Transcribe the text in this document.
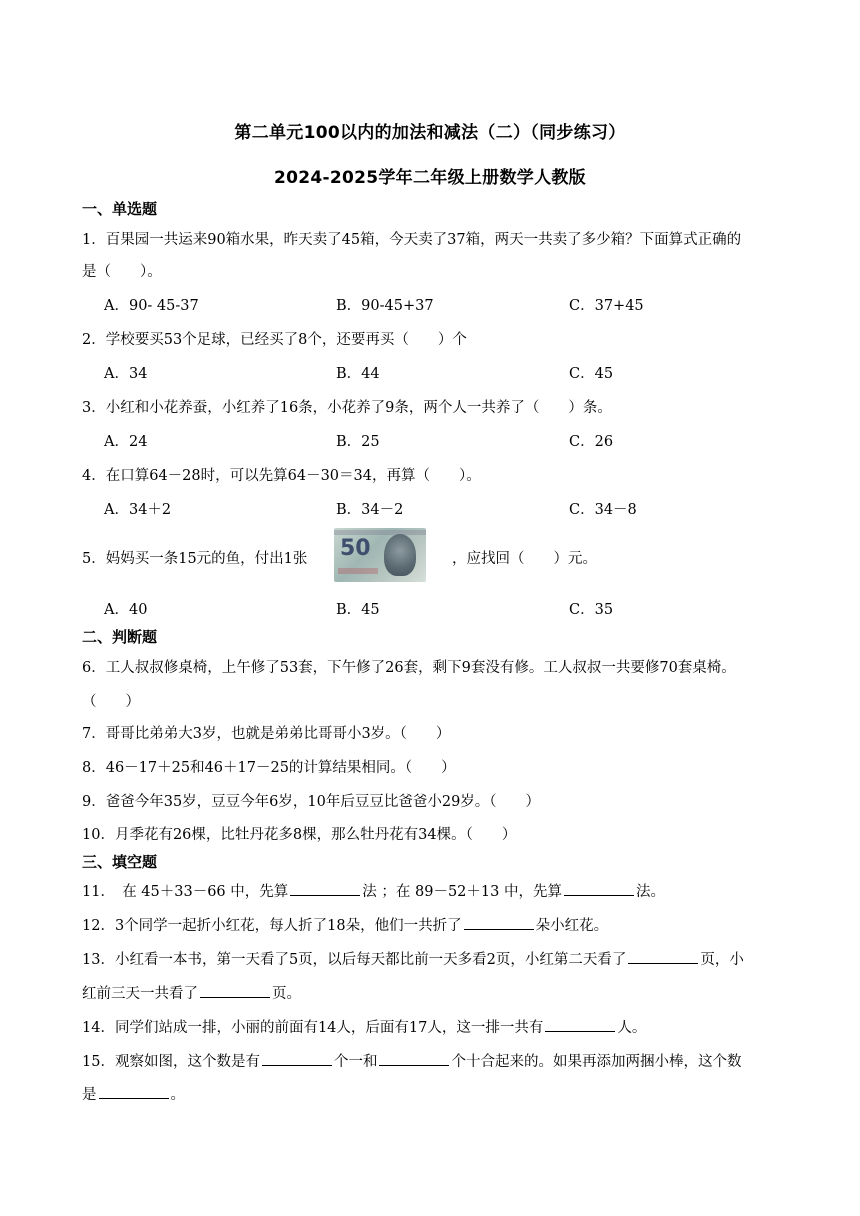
第二单元100以内的加法和减法（二）（同步练习）
2024-2025学年二年级上册数学人教版
一、单选题
1．百果园一共运来90箱水果，昨天卖了45箱，今天卖了37箱，两天一共卖了多少箱？下面算式正确的
是（　　）。
A．90- 45-37	B．90-45+37	C．37+45
2．学校要买53个足球，已经买了8个，还要再买（　　）个
A．34	B．44	C．45
3．小红和小花养蚕，小红养了16条，小花养了9条，两个人一共养了（　　）条。
A．24	B．25	C．26
4．在口算64－28时，可以先算64－30＝34，再算（　　）。
A．34＋2	B．34－2	C．34－8
5．妈妈买一条15元的鱼，付出1张 50	，应找回（　　）元。
A．40	B．45	C．35
二、判断题
6．工人叔叔修桌椅，上午修了53套，下午修了26套，剩下9套没有修。工人叔叔一共要修70套桌椅。
（　　）
7．哥哥比弟弟大3岁，也就是弟弟比哥哥小3岁。（　　）
8．46－17＋25和46＋17－25的计算结果相同。（　　）
9．爸爸今年35岁，豆豆今年6岁，10年后豆豆比爸爸小29岁。（　　）
10．月季花有26棵，比牡丹花多8棵，那么牡丹花有34棵。（　　）
三、填空题
11．　在 45＋33－66 中，先算	法 ；在 89－52＋13 中，先算	法。
12．3个同学一起折小红花，每人折了18朵，他们一共折了	朵小红花。
13．小红看一本书，第一天看了5页，以后每天都比前一天多看2页，小红第二天看了	页，小
红前三天一共看了	页。
14．同学们站成一排，小丽的前面有14人，后面有17人，这一排一共有	人。
15．观察如图，这个数是有	个一和	个十合起来的。如果再添加两捆小棒，这个数
是	。
